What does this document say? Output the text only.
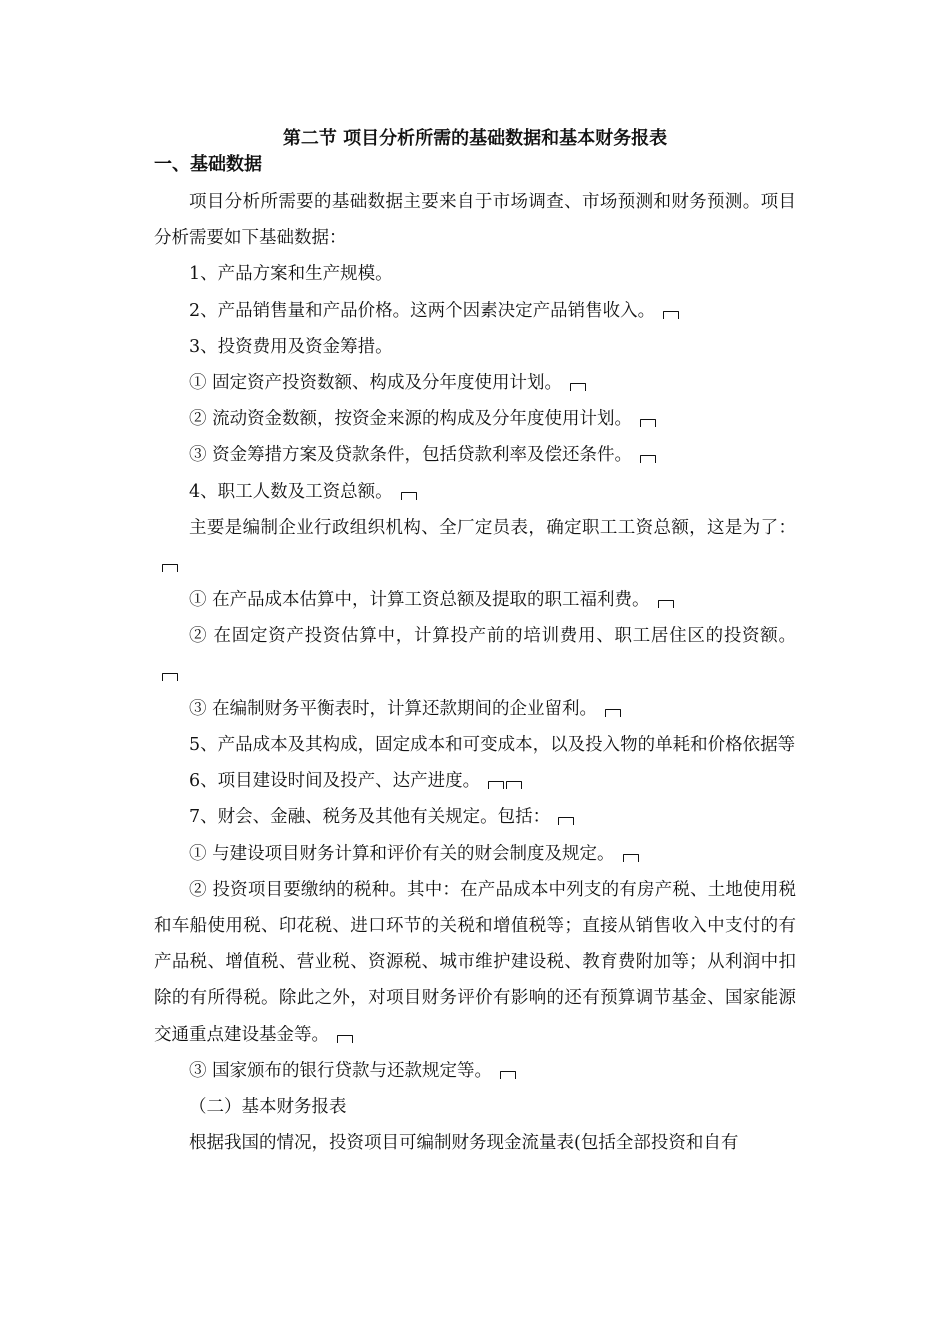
第二节 项目分析所需的基础数据和基本财务报表
一、基础数据

项目分析所需要的基础数据主要来自于市场调查、市场预测和财务预测。项目分析需要如下基础数据：

1、产品方案和生产规模。

2、产品销售量和产品价格。这两个因素决定产品销售收入。

3、投资费用及资金筹措。

① 固定资产投资数额、构成及分年度使用计划。

② 流动资金数额，按资金来源的构成及分年度使用计划。

③ 资金筹措方案及贷款条件，包括贷款利率及偿还条件。

4、职工人数及工资总额。

主要是编制企业行政组织机构、全厂定员表，确定职工工资总额，这是为了：

① 在产品成本估算中，计算工资总额及提取的职工福利费。

② 在固定资产投资估算中，计算投产前的培训费用、职工居住区的投资额。

③ 在编制财务平衡表时，计算还款期间的企业留利。

5、产品成本及其构成，固定成本和可变成本，以及投入物的单耗和价格依据等

6、项目建设时间及投产、达产进度。

7、财会、金融、税务及其他有关规定。包括：

① 与建设项目财务计算和评价有关的财会制度及规定。

② 投资项目要缴纳的税种。其中：在产品成本中列支的有房产税、土地使用税和车船使用税、印花税、进口环节的关税和增值税等；直接从销售收入中支付的有产品税、增值税、营业税、资源税、城市维护建设税、教育费附加等；从利润中扣除的有所得税。除此之外，对项目财务评价有影响的还有预算调节基金、国家能源交通重点建设基金等。

③ 国家颁布的银行贷款与还款规定等。

（二）基本财务报表

根据我国的情况，投资项目可编制财务现金流量表(包括全部投资和自有
